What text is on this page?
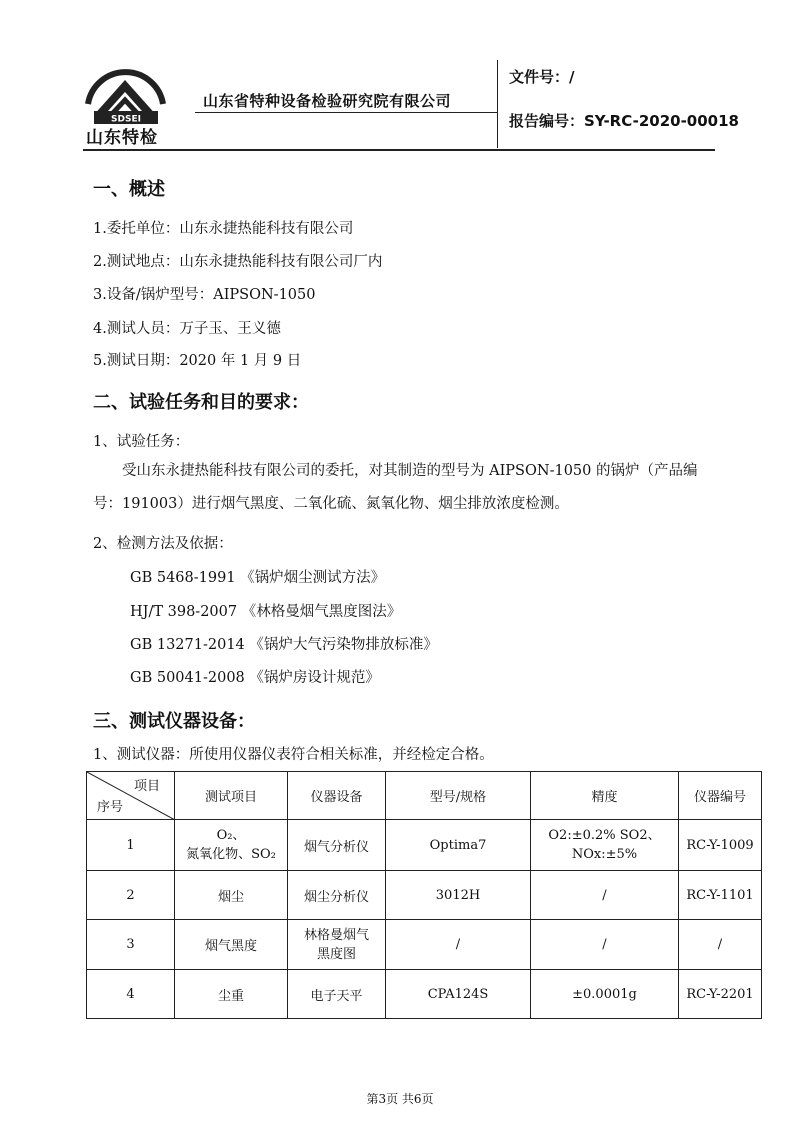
SDSEI
山东特检
山东省特种设备检验研究院有限公司
文件号：/
报告编号：SY-RC-2020-00018
一、概述
1.委托单位：山东永捷热能科技有限公司
2.测试地点：山东永捷热能科技有限公司厂内
3.设备/锅炉型号：AIPSON-1050
4.测试人员：万子玉、王义德
5.测试日期：2020 年 1 月 9 日
二、试验任务和目的要求：
1、试验任务：
受山东永捷热能科技有限公司的委托，对其制造的型号为 AIPSON-1050 的锅炉（产品编号：191003）进行烟气黑度、二氧化硫、氮氧化物、烟尘排放浓度检测。
2、检测方法及依据：
GB 5468-1991 《锅炉烟尘测试方法》
HJ/T 398-2007 《林格曼烟气黑度图法》
GB 13271-2014 《锅炉大气污染物排放标准》
GB 50041-2008 《锅炉房设计规范》
三、测试仪器设备：
1、测试仪器：所使用仪器仪表符合相关标准，并经检定合格。
项目
序号	测试项目	仪器设备	型号/规格	精度	仪器编号
1	O₂、
氮氧化物、SO₂	烟气分析仪	Optima7	O2:±0.2% SO2、
NOx:±5%	RC-Y-1009
2	烟尘	烟尘分析仪	3012H	/	RC-Y-1101
3	烟气黑度	林格曼烟气
黑度图	/	/	/
4	尘重	电子天平	CPA124S	±0.0001g	RC-Y-2201
第3页 共6页
